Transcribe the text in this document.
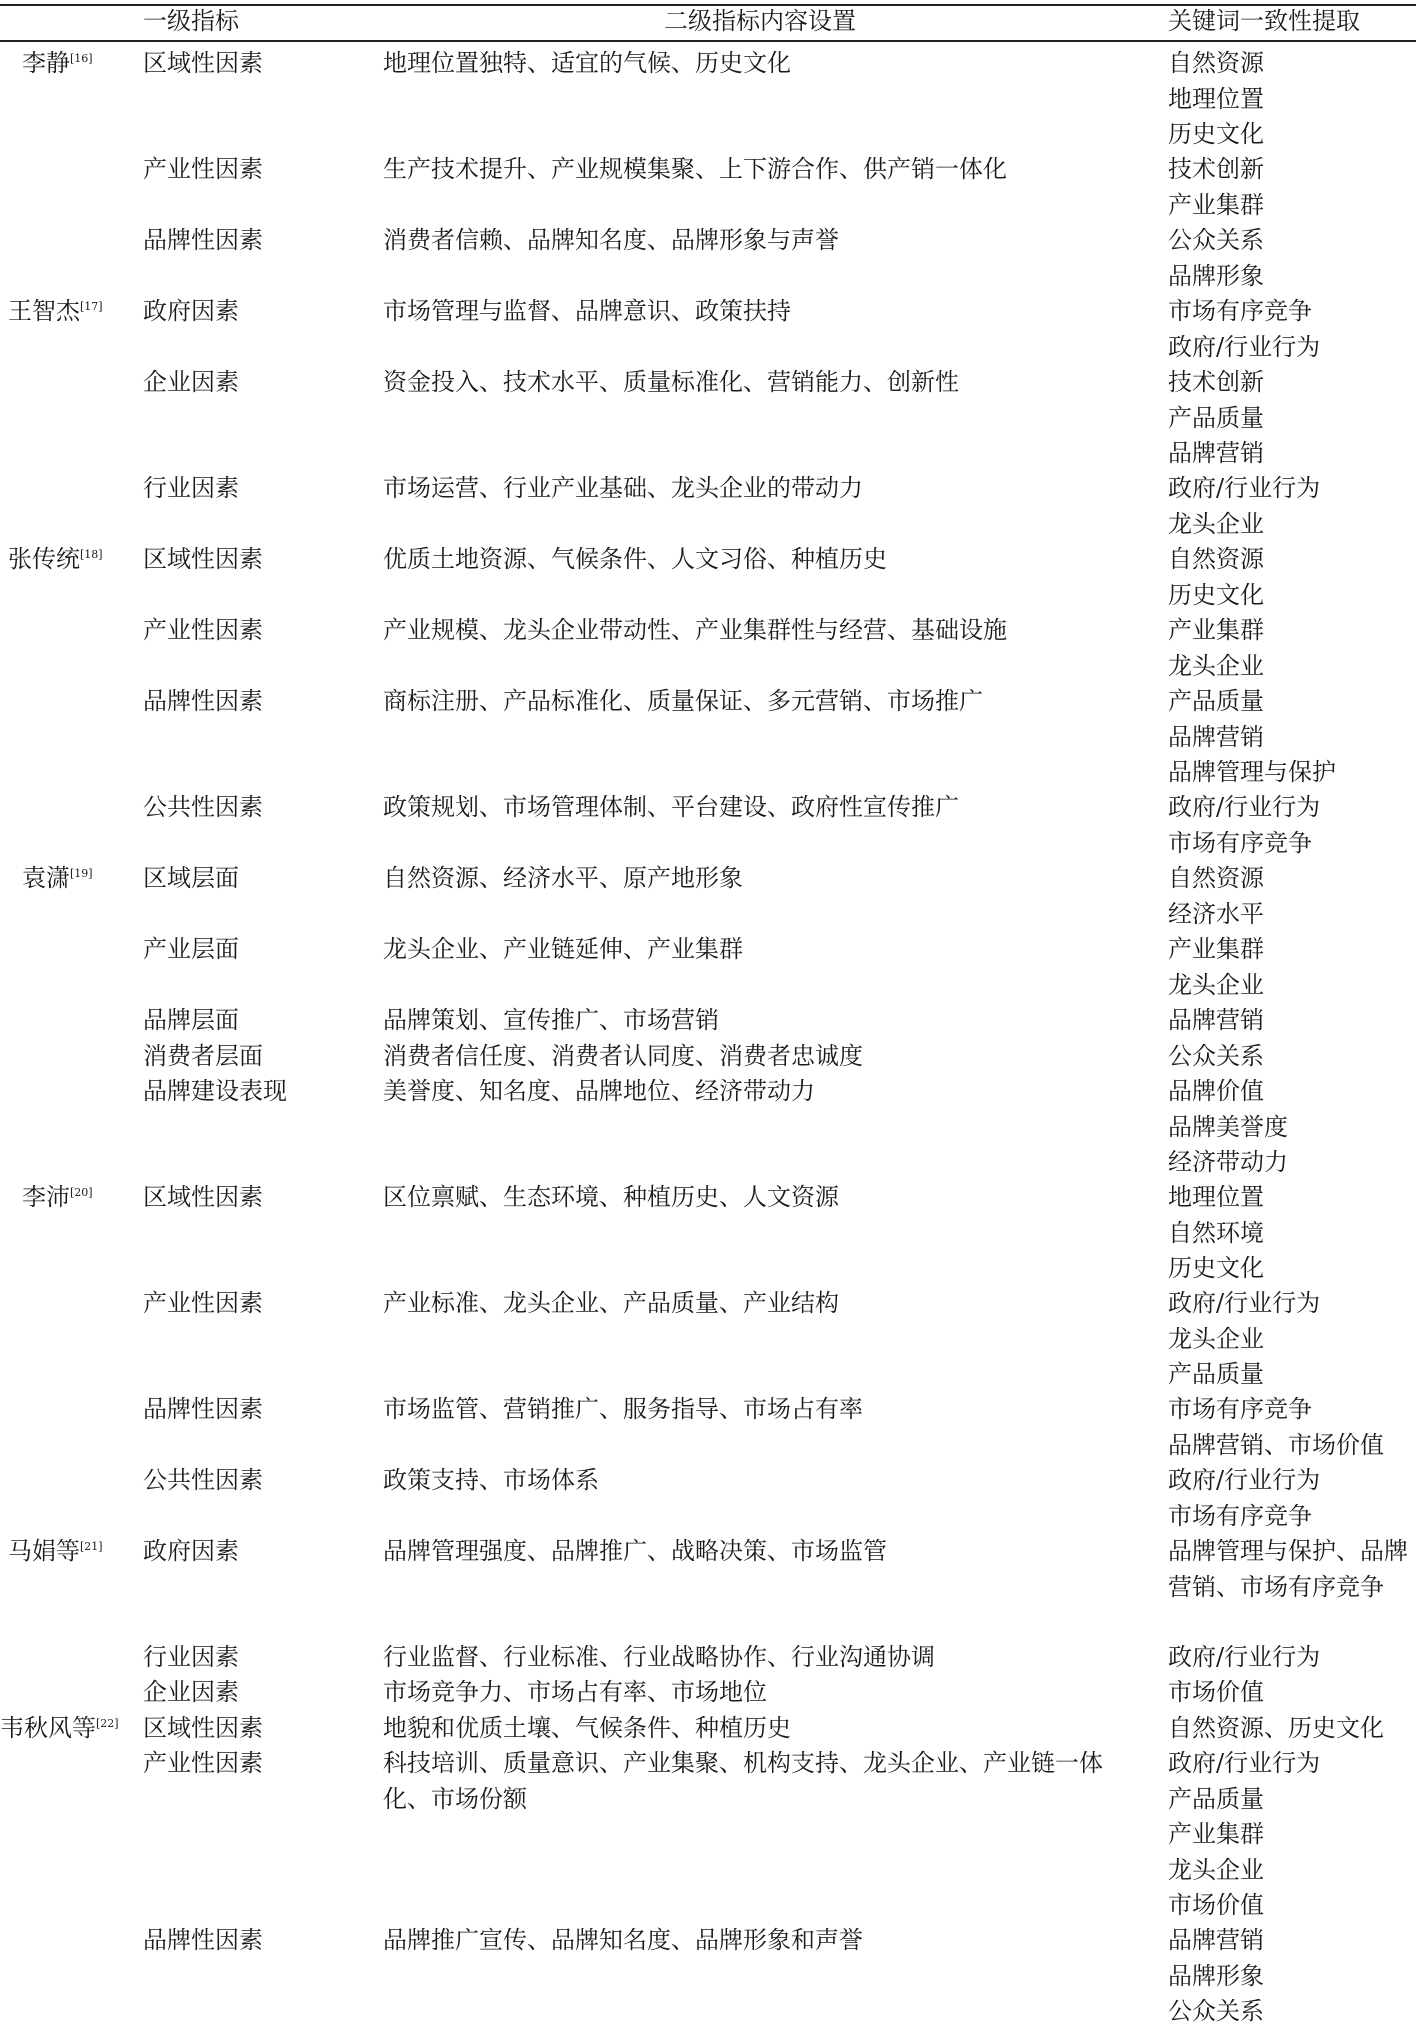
一级指标	二级指标内容设置	关键词一致性提取
李静[16] 区域性因素	地理位置独特、适宜的气候、历史文化	自然资源
地理位置
历史文化
产业性因素	生产技术提升、产业规模集聚、上下游合作、供产销一体化	技术创新
产业集群
品牌性因素	消费者信赖、品牌知名度、品牌形象与声誉	公众关系
品牌形象
王智杰[17] 政府因素	市场管理与监督、品牌意识、政策扶持	市场有序竞争
政府/行业行为
企业因素	资金投入、技术水平、质量标准化、营销能力、创新性	技术创新
产品质量
品牌营销
行业因素	市场运营、行业产业基础、龙头企业的带动力	政府/行业行为
龙头企业
张传统[18] 区域性因素	优质土地资源、气候条件、人文习俗、种植历史	自然资源
历史文化
产业性因素	产业规模、龙头企业带动性、产业集群性与经营、基础设施	产业集群
龙头企业
品牌性因素	商标注册、产品标准化、质量保证、多元营销、市场推广	产品质量
品牌营销
品牌管理与保护
公共性因素	政策规划、市场管理体制、平台建设、政府性宣传推广	政府/行业行为
市场有序竞争
袁潇[19] 区域层面	自然资源、经济水平、原产地形象	自然资源
经济水平
产业层面	龙头企业、产业链延伸、产业集群	产业集群
龙头企业
品牌层面	品牌策划、宣传推广、市场营销	品牌营销
消费者层面	消费者信任度、消费者认同度、消费者忠诚度	公众关系
品牌建设表现	美誉度、知名度、品牌地位、经济带动力	品牌价值
品牌美誉度
经济带动力
李沛[20] 区域性因素	区位禀赋、生态环境、种植历史、人文资源	地理位置
自然环境
历史文化
产业性因素	产业标准、龙头企业、产品质量、产业结构	政府/行业行为
龙头企业
产品质量
品牌性因素	市场监管、营销推广、服务指导、市场占有率	市场有序竞争
品牌营销、市场价值
公共性因素	政策支持、市场体系	政府/行业行为
市场有序竞争
马娟等[21] 政府因素	品牌管理强度、品牌推广、战略决策、市场监管	品牌管理与保护、品牌
营销、市场有序竞争
行业因素	行业监督、行业标准、行业战略协作、行业沟通协调	政府/行业行为
企业因素	市场竞争力、市场占有率、市场地位	市场价值
韦秋风等[22] 区域性因素	地貌和优质土壤、气候条件、种植历史	自然资源、历史文化
产业性因素	科技培训、质量意识、产业集聚、机构支持、龙头企业、产业链一体化、市场份额
政府/行业行为
产品质量
产业集群
龙头企业
市场价值
品牌性因素	品牌推广宣传、品牌知名度、品牌形象和声誉	品牌营销
品牌形象
公众关系
